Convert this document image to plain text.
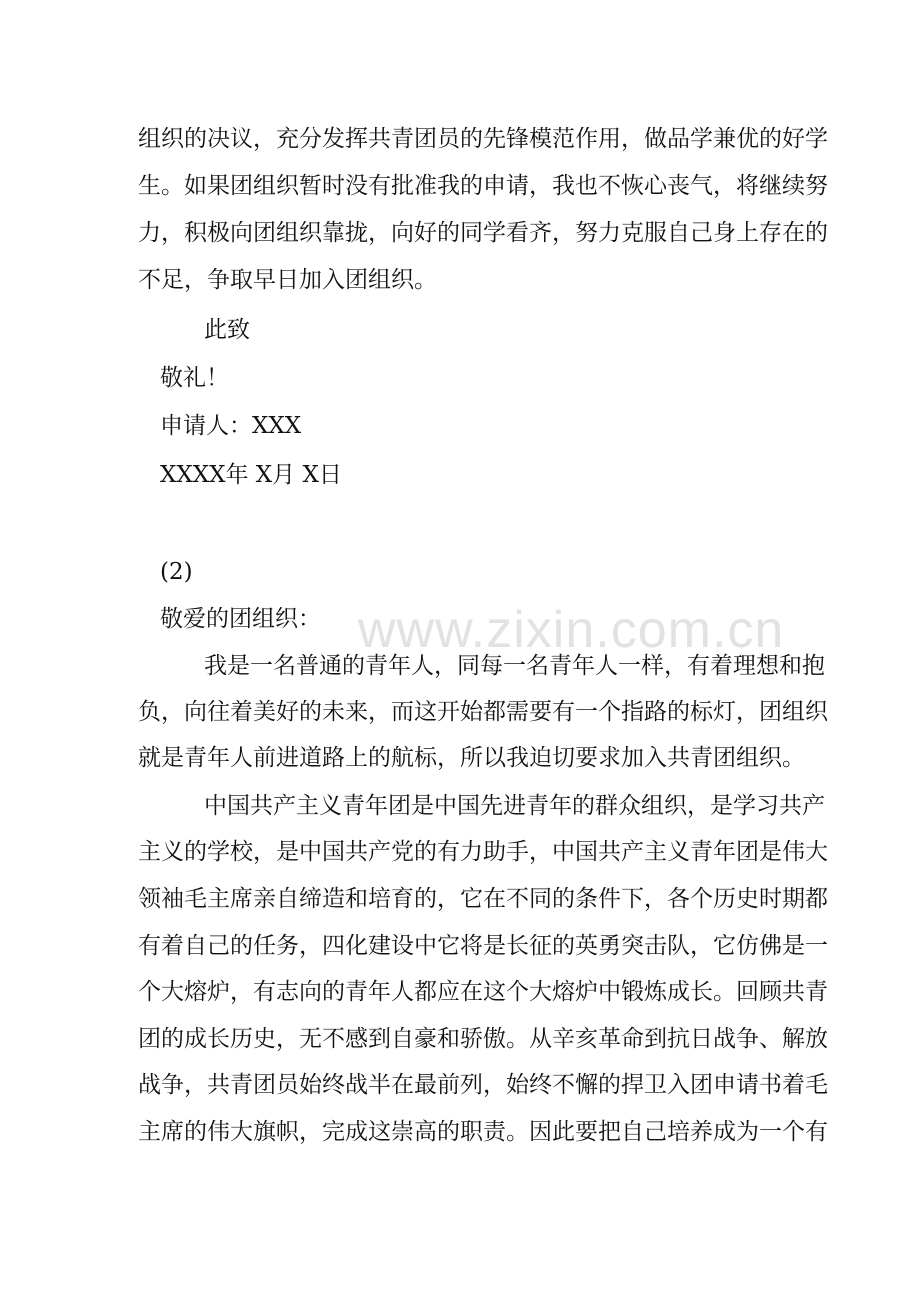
www.zixin.com.cn
组织的决议，充分发挥共青团员的先锋模范作用，做品学兼优的好学
生。如果团组织暂时没有批准我的申请，我也不恢心丧气，将继续努
力，积极向团组织靠拢，向好的同学看齐，努力克服自己身上存在的
不足，争取早日加入团组织。
此致
敬礼！
申请人：XXX
XXXX年 X月 X日
(2)
敬爱的团组织：
我是一名普通的青年人，同每一名青年人一样，有着理想和抱
负，向往着美好的未来，而这开始都需要有一个指路的标灯，团组织
就是青年人前进道路上的航标，所以我迫切要求加入共青团组织。
中国共产主义青年团是中国先进青年的群众组织，是学习共产
主义的学校，是中国共产党的有力助手，中国共产主义青年团是伟大
领袖毛主席亲自缔造和培育的，它在不同的条件下，各个历史时期都
有着自己的任务，四化建设中它将是长征的英勇突击队，它仿佛是一
个大熔炉，有志向的青年人都应在这个大熔炉中锻炼成长。回顾共青
团的成长历史，无不感到自豪和骄傲。从辛亥革命到抗日战争、解放
战争，共青团员始终战半在最前列，始终不懈的捍卫入团申请书着毛
主席的伟大旗帜，完成这崇高的职责。因此要把自己培养成为一个有
